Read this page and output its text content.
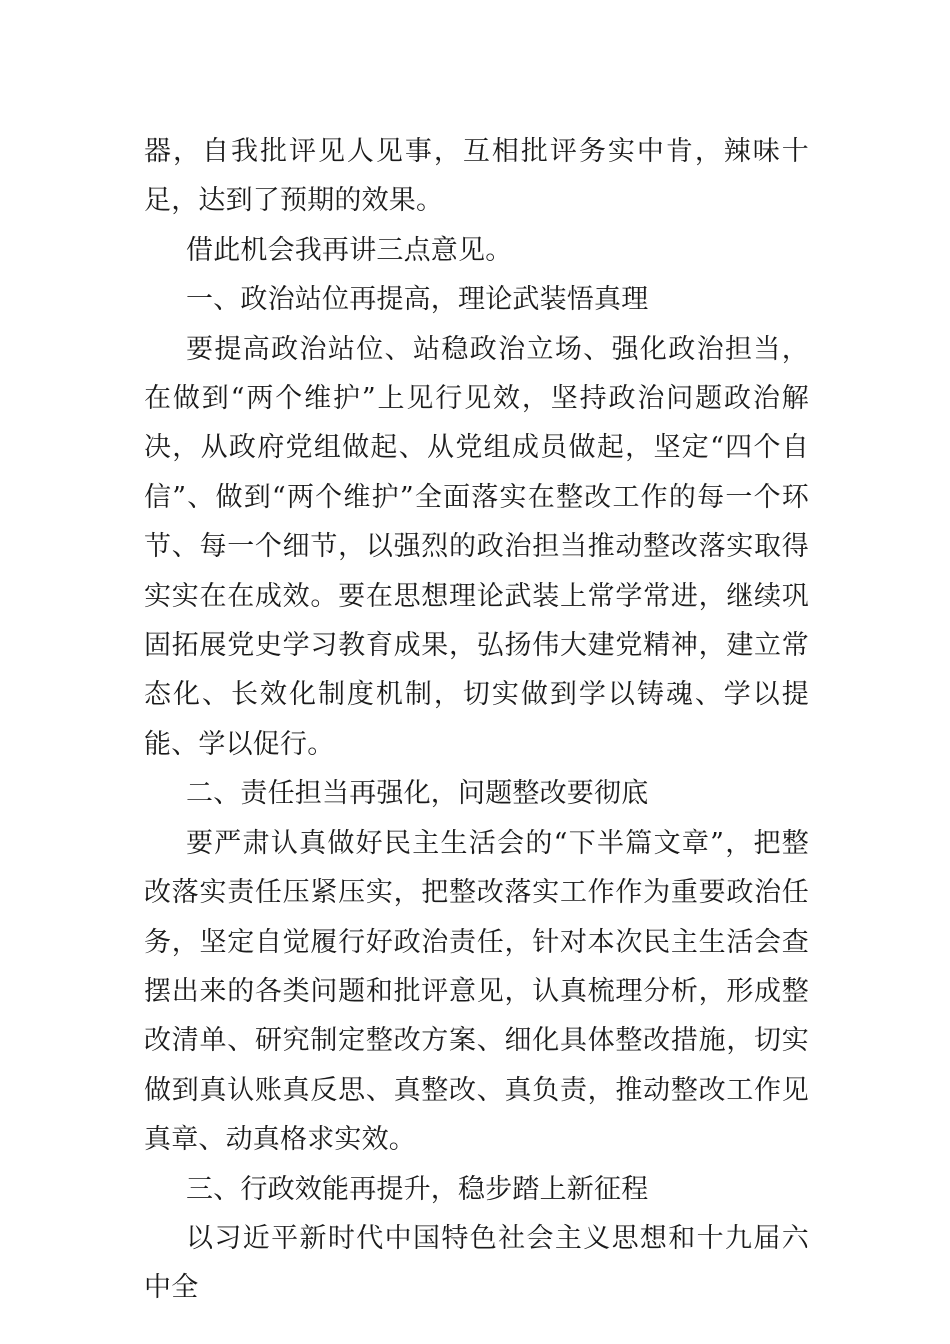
器，自我批评见人见事，互相批评务实中肯，辣味十足，达到了预期的效果。

借此机会我再讲三点意见。

一、政治站位再提高，理论武装悟真理

要提高政治站位、站稳政治立场、强化政治担当，在做到“两个维护”上见行见效，坚持政治问题政治解决，从政府党组做起、从党组成员做起，坚定“四个自信”、做到“两个维护”全面落实在整改工作的每一个环节、每一个细节，以强烈的政治担当推动整改落实取得实实在在成效。要在思想理论武装上常学常进，继续巩固拓展党史学习教育成果，弘扬伟大建党精神，建立常态化、长效化制度机制，切实做到学以铸魂、学以提能、学以促行。

二、责任担当再强化，问题整改要彻底

要严肃认真做好民主生活会的“下半篇文章”，把整改落实责任压紧压实，把整改落实工作作为重要政治任务，坚定自觉履行好政治责任，针对本次民主生活会查摆出来的各类问题和批评意见，认真梳理分析，形成整改清单、研究制定整改方案、细化具体整改措施，切实做到真认账真反思、真整改、真负责，推动整改工作见真章、动真格求实效。

三、行政效能再提升，稳步踏上新征程

以习近平新时代中国特色社会主义思想和十九届六中全
